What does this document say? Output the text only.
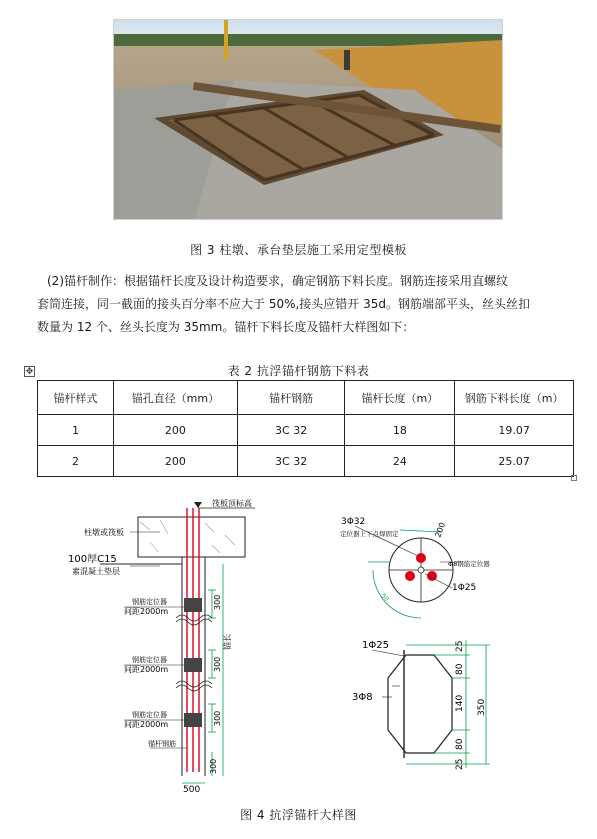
图 3 柱墩、承台垫层施工采用定型模板

(2)锚杆制作：根据锚杆长度及设计构造要求，确定钢筋下料长度。钢筋连接采用直螺纹

套筒连接，同一截面的接头百分率不应大于 50%,接头应错开 35d。钢筋端部平头，丝头丝扣

数量为 12 个、丝头长度为 35mm。锚杆下料长度及锚杆大样图如下：

表 2 抗浮锚杆钢筋下料表
✥
锚杆样式	锚孔直径（mm）	锚杆钢筋	锚杆长度（m）	钢筋下料长度（m）
1	200	3C 32	18	19.07
2	200	3C 32	24	25.07
筏板顶标高
柱墩或筏板
100厚C15
素混凝土垫层
钢筋定位器
间距2000m
钢筋定位器
间距2000m
钢筋定位器
间距2000m
锚杆钢筋
300
300
300
300
锚长
500
3Φ32
定位器上下点焊固定
Φ8钢筋定位器
1Φ25
200
50
1Φ25
3Φ8
25
80
140
80
25
350
图 4 抗浮锚杆大样图
